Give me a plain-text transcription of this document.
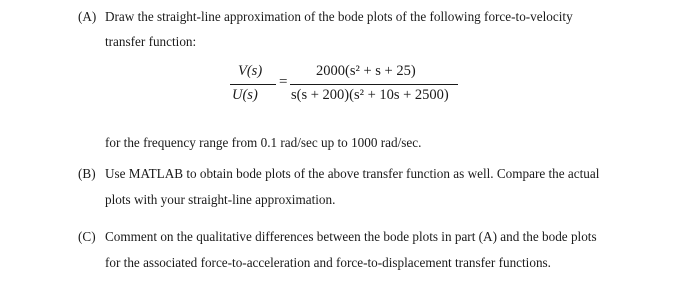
(A) Draw the straight-line approximation of the bode plots of the following force-to-velocity
transfer function:
V(s)
U(s)
=
2000(s² + s + 25)
s(s + 200)(s² + 10s + 2500)
for the frequency range from 0.1 rad/sec up to 1000 rad/sec.
(B) Use MATLAB to obtain bode plots of the above transfer function as well. Compare the actual
plots with your straight-line approximation.
(C) Comment on the qualitative differences between the bode plots in part (A) and the bode plots
for the associated force-to-acceleration and force-to-displacement transfer functions.
